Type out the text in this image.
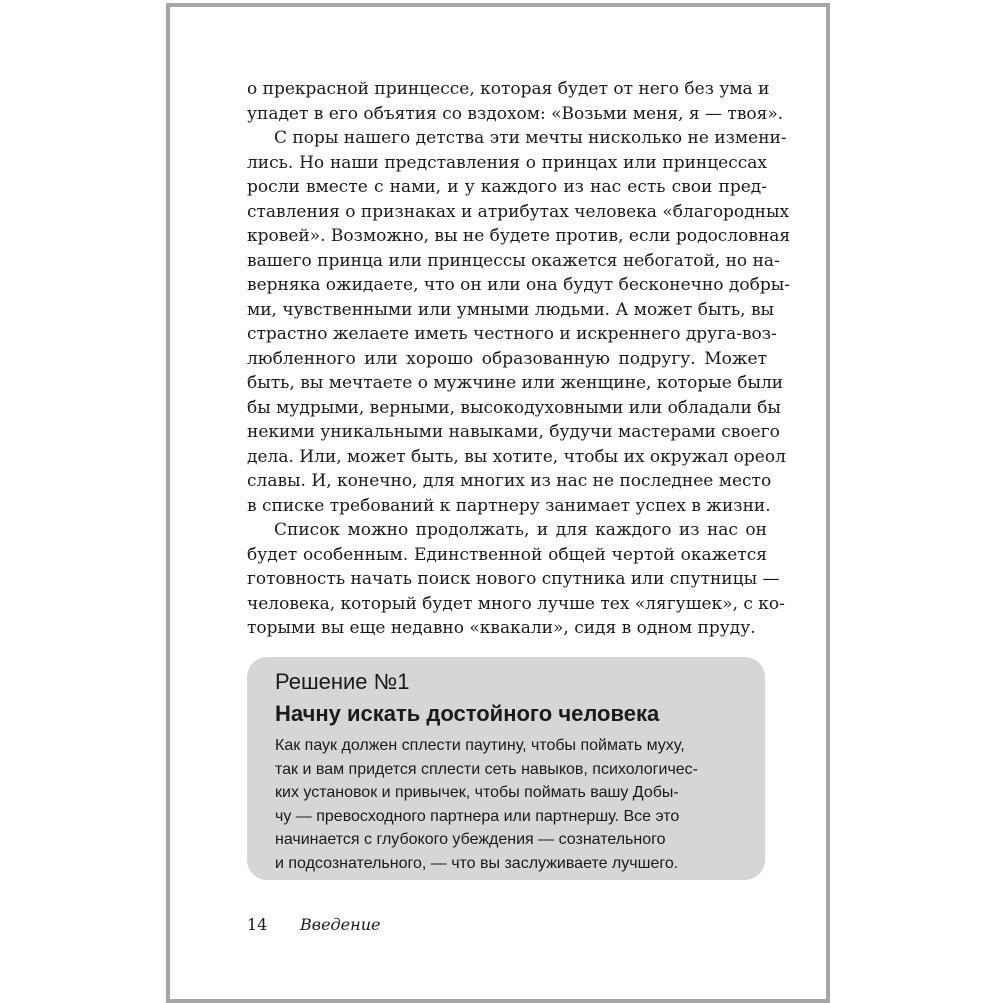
о прекрасной принцессе, которая будет от него без ума и
упадет в его объятия со вздохом: «Возьми меня, я — твоя».
С поры нашего детства эти мечты нисколько не измени-
лись. Но наши представления о принцах или принцессах
росли вместе с нами, и у каждого из нас есть свои пред-
ставления о признаках и атрибутах человека «благородных
кровей». Возможно, вы не будете против, если родословная
вашего принца или принцессы окажется небогатой, но на-
верняка ожидаете, что он или она будут бесконечно добры-
ми, чувственными или умными людьми. А может быть, вы
страстно желаете иметь честного и искреннего друга-воз-
любленного или хорошо образованную подругу. Может
быть, вы мечтаете о мужчине или женщине, которые были
бы мудрыми, верными, высокодуховными или обладали бы
некими уникальными навыками, будучи мастерами своего
дела. Или, может быть, вы хотите, чтобы их окружал ореол
славы. И, конечно, для многих из нас не последнее место
в списке требований к партнеру занимает успех в жизни.
Список можно продолжать, и для каждого из нас он
будет особенным. Единственной общей чертой окажется
готовность начать поиск нового спутника или спутницы —
человека, который будет много лучше тех «лягушек», с ко-
торыми вы еще недавно «квакали», сидя в одном пруду.
Решение №1
Начну искать достойного человека
Как паук должен сплести паутину, чтобы поймать муху,
так и вам придется сплести сеть навыков, психологичес-
ких установок и привычек, чтобы поймать вашу Добы-
чу — превосходного партнера или партнершу. Все это
начинается с глубокого убеждения — сознательного
и подсознательного, — что вы заслуживаете лучшего.
14 Введение
